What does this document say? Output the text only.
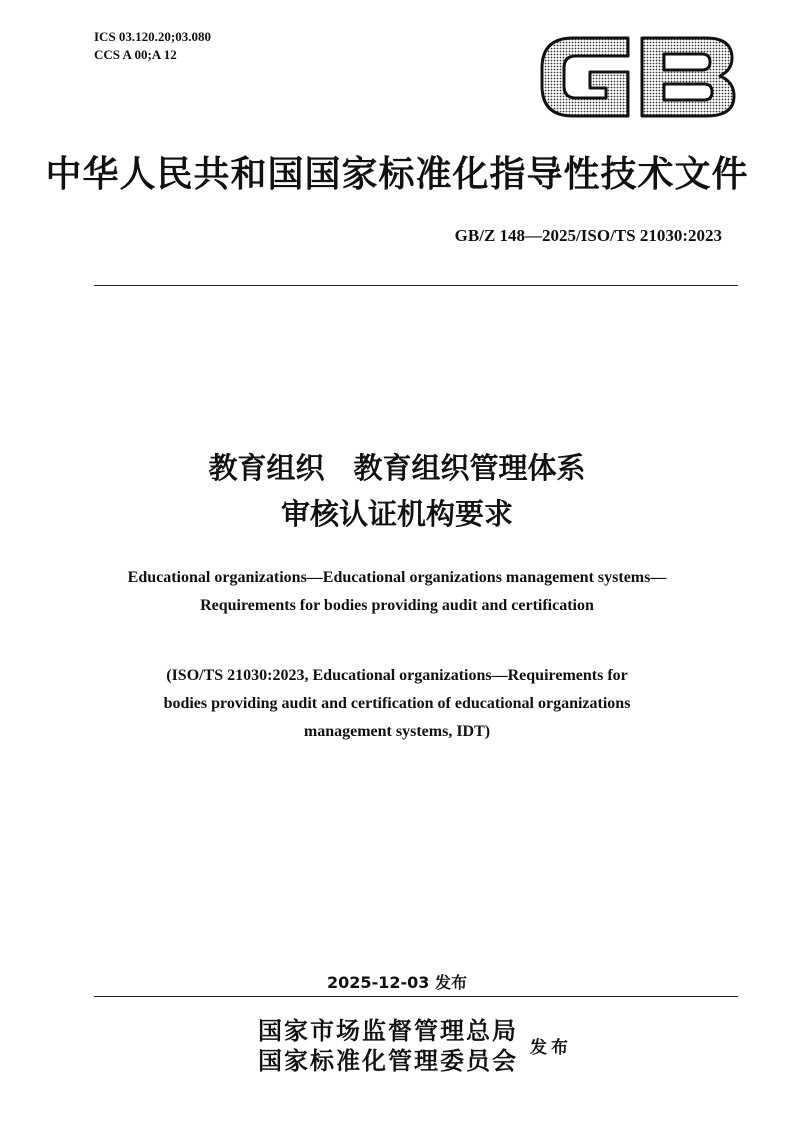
ICS 03.120.20;03.080
CCS A 00;A 12
中华人民共和国国家标准化指导性技术文件
GB/Z 148—2025/ISO/TS 21030:2023
教育组织　教育组织管理体系
审核认证机构要求
Educational organizations—Educational organizations management systems—
Requirements for bodies providing audit and certification
(ISO/TS 21030:2023, Educational organizations—Requirements for
bodies providing audit and certification of educational organizations
management systems, IDT)
2025-12-03 发布
国家市场监督管理总局
国家标准化管理委员会 发布
